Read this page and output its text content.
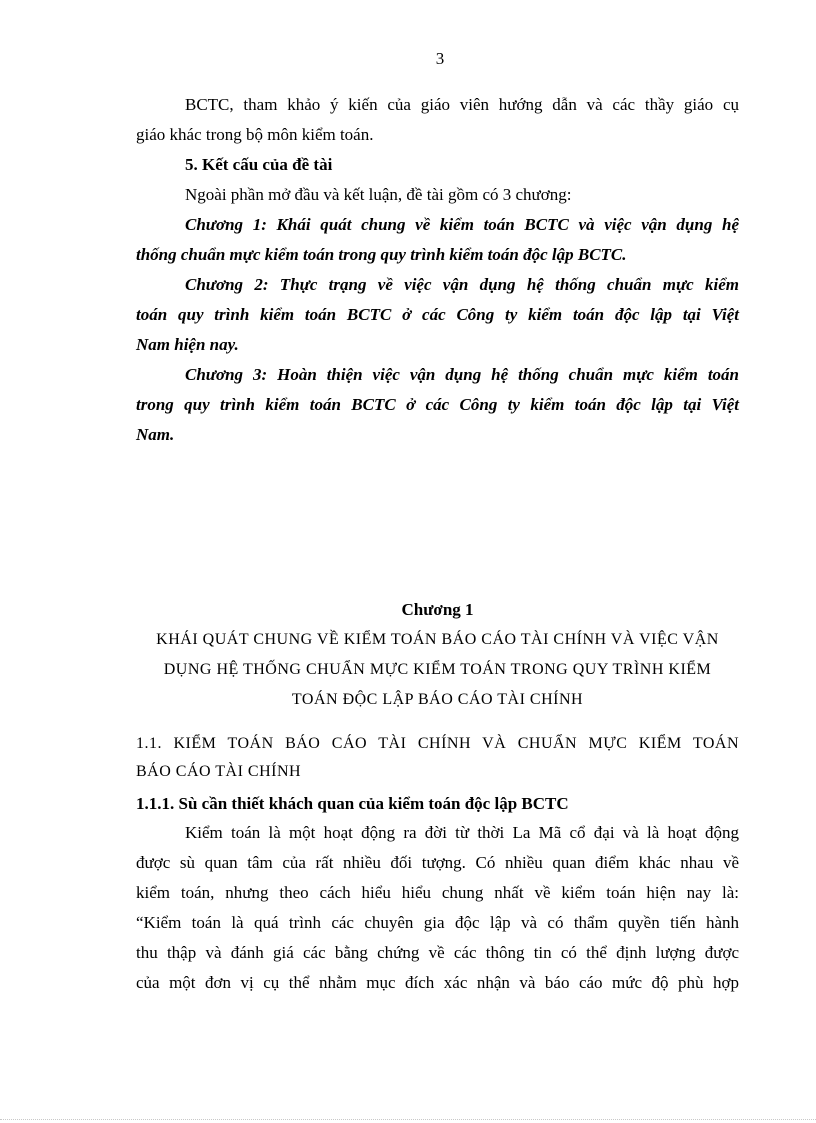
3
BCTC, tham khảo ý kiến của giáo viên hướng dẫn và các thầy giáo cụ
giáo khác trong bộ môn kiểm toán.
5. Kết cấu của đề tài
Ngoài phần mở đầu và kết luận, đề tài gồm có 3 chương:
Chương 1: Khái quát chung về kiểm toán BCTC và việc vận dụng hệ
thống chuẩn mực kiểm toán trong quy trình kiểm toán độc lập BCTC.
Chương 2: Thực trạng về việc vận dụng hệ thống chuẩn mực kiểm
toán quy trình kiểm toán BCTC ở các Công ty kiểm toán độc lập tại Việt
Nam hiện nay.
Chương 3: Hoàn thiện việc vận dụng hệ thống chuẩn mực kiểm toán
trong quy trình kiểm toán BCTC ở các Công ty kiểm toán độc lập tại Việt
Nam.
Chương 1
KHÁI QUÁT CHUNG VỀ KIỂM TOÁN BÁO CÁO TÀI CHÍNH VÀ VIỆC VẬN
DỤNG HỆ THỐNG CHUẨN MỰC KIỂM TOÁN TRONG QUY TRÌNH KIỂM
TOÁN ĐỘC LẬP BÁO CÁO TÀI CHÍNH
1.1. KIỂM TOÁN BÁO CÁO TÀI CHÍNH VÀ CHUẨN MỰC KIỂM TOÁN
BÁO CÁO TÀI CHÍNH
1.1.1. Sù cần thiết khách quan của kiểm toán độc lập BCTC
Kiểm toán là một hoạt động ra đời từ thời La Mã cổ đại và là hoạt động
được sù quan tâm của rất nhiều đối tượng. Có nhiều quan điểm khác nhau về
kiểm toán, nhưng theo cách hiểu hiểu chung nhất về kiểm toán hiện nay là:
“Kiểm toán là quá trình các chuyên gia độc lập và có thẩm quyền tiến hành
thu thập và đánh giá các bằng chứng về các thông tin có thể định lượng được
của một đơn vị cụ thể nhằm mục đích xác nhận và báo cáo mức độ phù hợp
